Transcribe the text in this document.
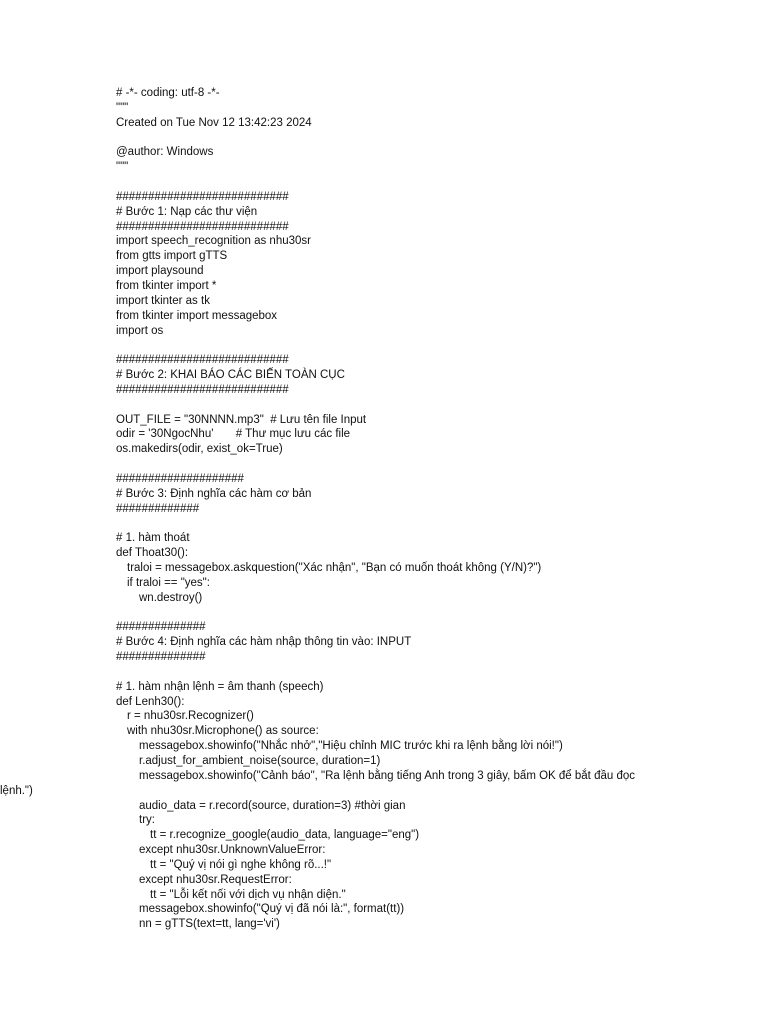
# -*- coding: utf-8 -*-
"""
Created on Tue Nov 12 13:42:23 2024
@author: Windows
"""
###########################
# Bước 1: Nạp các thư viện
###########################
import speech_recognition as nhu30sr
from gtts import gTTS
import playsound
from tkinter import *
import tkinter as tk
from tkinter import messagebox
import os
###########################
# Bước 2: KHAI BÁO CÁC BIẾN TOÀN CỤC
###########################
OUT_FILE = "30NNNN.mp3"  # Lưu tên file Input
odir = '30NgocNhu'       # Thư mục lưu các file
os.makedirs(odir, exist_ok=True)
####################
# Bước 3: Định nghĩa các hàm cơ bản
#############
# 1. hàm thoát
def Thoat30():
traloi = messagebox.askquestion("Xác nhận", "Bạn có muốn thoát không (Y/N)?")
if traloi == "yes":
wn.destroy()
##############
# Bước 4: Định nghĩa các hàm nhập thông tin vào: INPUT
##############
# 1. hàm nhận lệnh = âm thanh (speech)
def Lenh30():
r = nhu30sr.Recognizer()
with nhu30sr.Microphone() as source:
messagebox.showinfo("Nhắc nhở","Hiệu chỉnh MIC trước khi ra lệnh bằng lời nói!")
r.adjust_for_ambient_noise(source, duration=1)
messagebox.showinfo("Cảnh báo", "Ra lệnh bằng tiếng Anh trong 3 giây, bấm OK để bắt đầu đọc lệnh.")
audio_data = r.record(source, duration=3) #thời gian
try:
tt = r.recognize_google(audio_data, language="eng")
except nhu30sr.UnknownValueError:
tt = "Quý vị nói gì nghe không rõ...!"
except nhu30sr.RequestError:
tt = "Lỗi kết nối với dịch vụ nhận diện."
messagebox.showinfo("Quý vị đã nói là:", format(tt))
nn = gTTS(text=tt, lang='vi')
